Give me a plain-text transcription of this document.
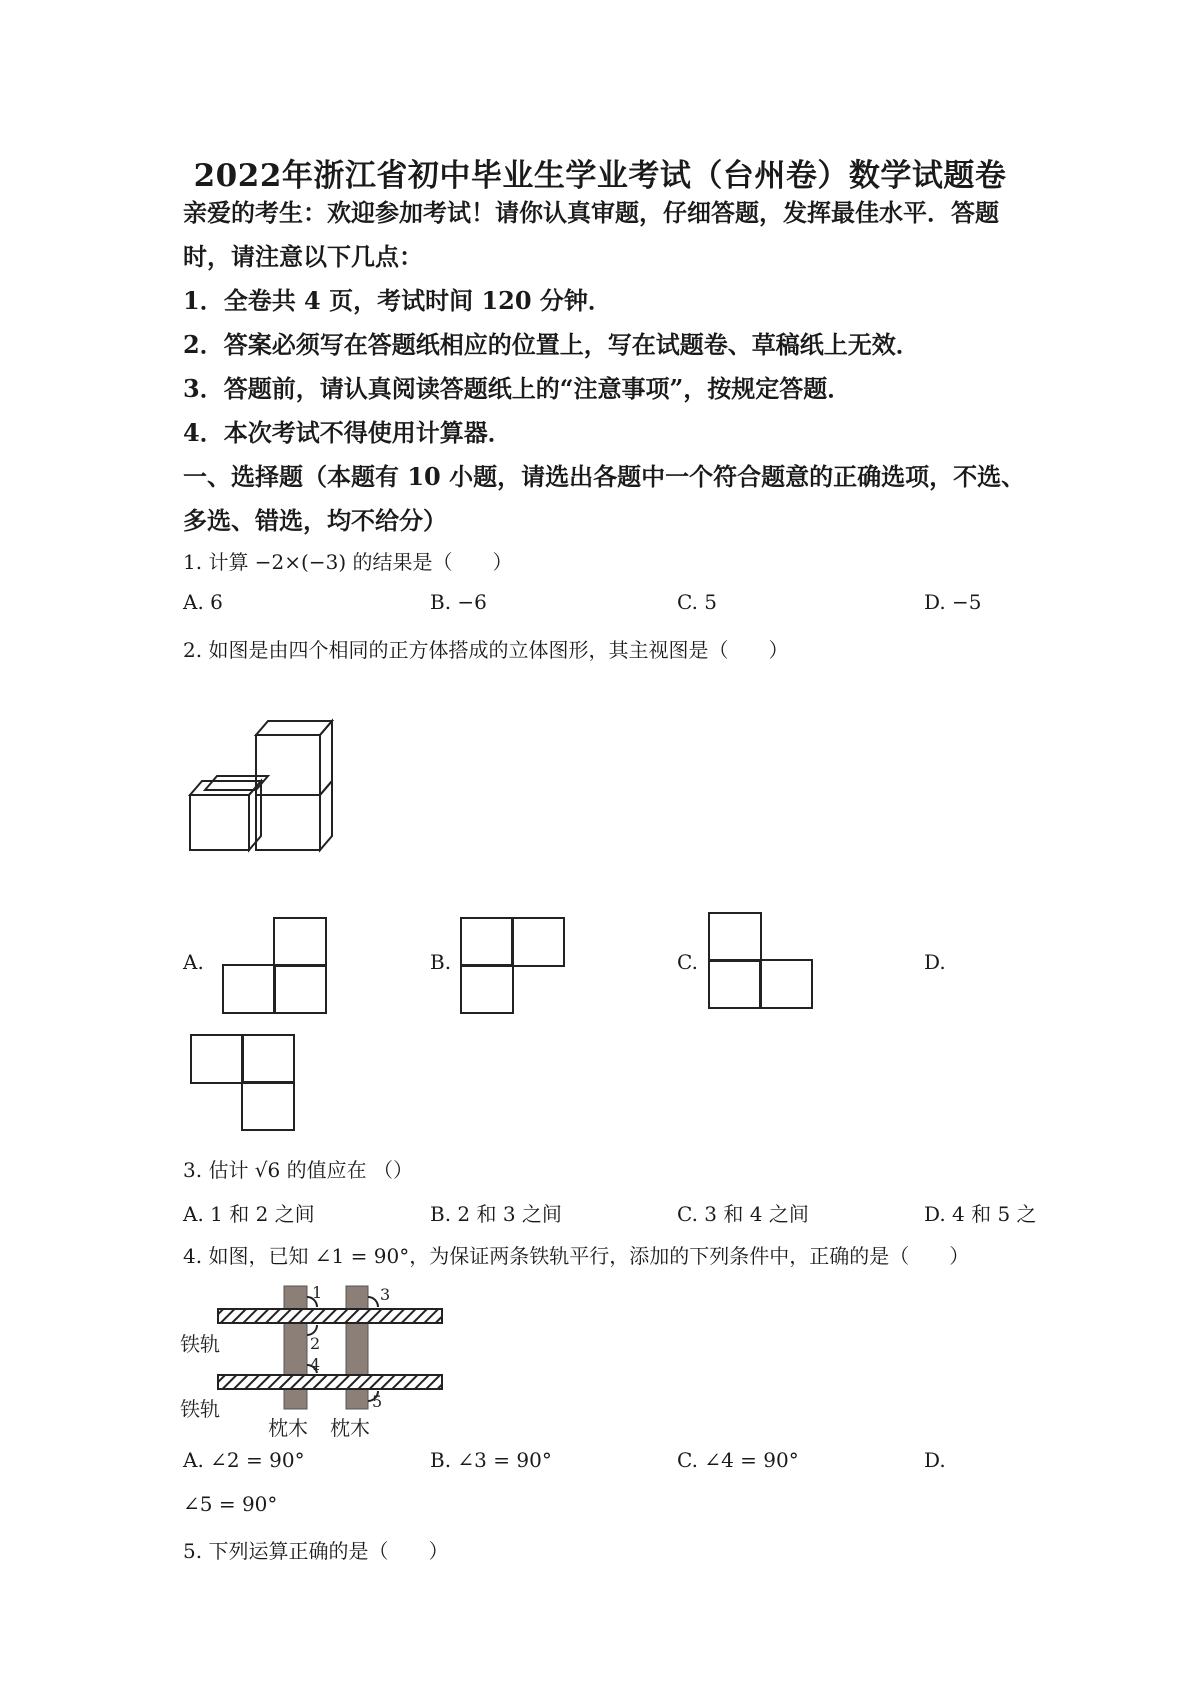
2022年浙江省初中毕业生学业考试（台州卷）数学试题卷
亲爱的考生：欢迎参加考试！请你认真审题，仔细答题，发挥最佳水平．答题
时，请注意以下几点：
1．全卷共 4 页，考试时间 120 分钟．
2．答案必须写在答题纸相应的位置上，写在试题卷、草稿纸上无效．
3．答题前，请认真阅读答题纸上的“注意事项”，按规定答题．
4．本次考试不得使用计算器．
一、选择题（本题有 10 小题，请选出各题中一个符合题意的正确选项，不选、
多选、错选，均不给分）
1. 计算 −2×(−3) 的结果是（　　）
A. 6	B. −6	C. 5	D. −5
2. 如图是由四个相同的正方体搭成的立体图形，其主视图是（　　）
A.	B.	C.	D.
3. 估计 √6 的值应在 （）
A. 1 和 2 之间	B. 2 和 3 之间	C. 3 和 4 之间	D. 4 和 5 之
4. 如图，已知 ∠1 = 90°，为保证两条铁轨平行，添加的下列条件中，正确的是（　　）
1
2
3
4
5
铁轨
铁轨
枕木 枕木
A. ∠2 = 90°	B. ∠3 = 90°	C. ∠4 = 90°	D.
∠5 = 90°
5. 下列运算正确的是（　　）
